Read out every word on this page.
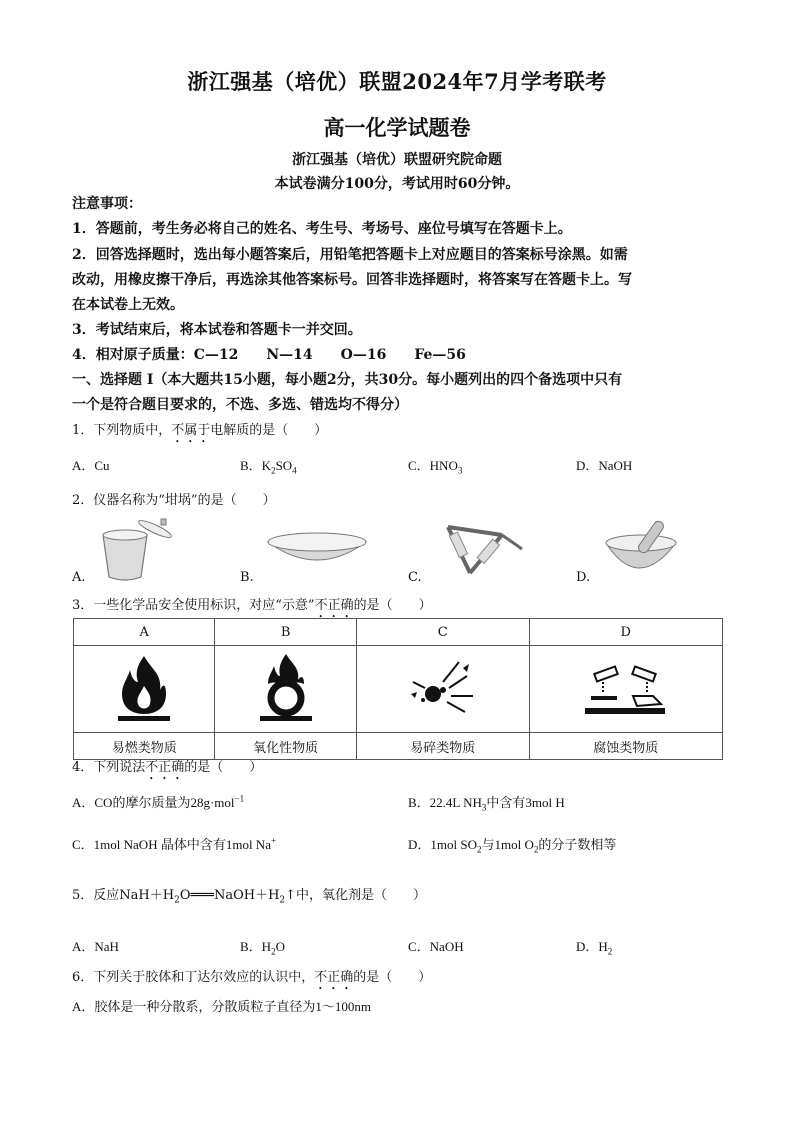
浙江强基（培优）联盟2024年7月学考联考
高一化学试题卷
浙江强基（培优）联盟研究院命题
本试卷满分100分，考试用时60分钟。
注意事项：
1．答题前，考生务必将自己的姓名、考生号、考场号、座位号填写在答题卡上。
2．回答选择题时，选出每小题答案后，用铅笔把答题卡上对应题目的答案标号涂黑。如需
改动，用橡皮擦干净后，再选涂其他答案标号。回答非选择题时，将答案写在答题卡上。写
在本试卷上无效。
3．考试结束后，将本试卷和答题卡一并交回。
4．相对原子质量：C—12　　N—14　　O—16　　Fe—56
一、选择题 I（本大题共15小题，每小题2分，共30分。每小题列出的四个备选项中只有
一个是符合题目要求的，不选、多选、错选均不得分）
1．下列物质中，不属于电解质的是（　　）
A．Cu	B．$K_2SO_4$	C．$HNO_3$	D．NaOH
2．仪器名称为“坩埚”的是（　　）
A.	B.	C.	D.
3．一些化学品安全使用标识，对应“示意”不正确的是（　　）
A	B	C	D

易燃类物质	氧化性物质	易碎类物质	腐蚀类物质
4．下列说法不正确的是（　　）
A．CO的摩尔质量为28g·mol$^{-1}$	B．22.4L $NH_3$中含有3mol H
C．1mol NaOH 晶体中含有1mol Na+	D．1mol $SO_2$与1mol $O_2$的分子数相等
5．反应$NaH+H_2O═══NaOH+H_2↑$中，氧化剂是（　　）
A．NaH	B．$H_2O$	C．NaOH	D．$H_2$
6．下列关于胶体和丁达尔效应的认识中，不正确的是（　　）
A．胶体是一种分散系，分散质粒子直径为1～100nm
